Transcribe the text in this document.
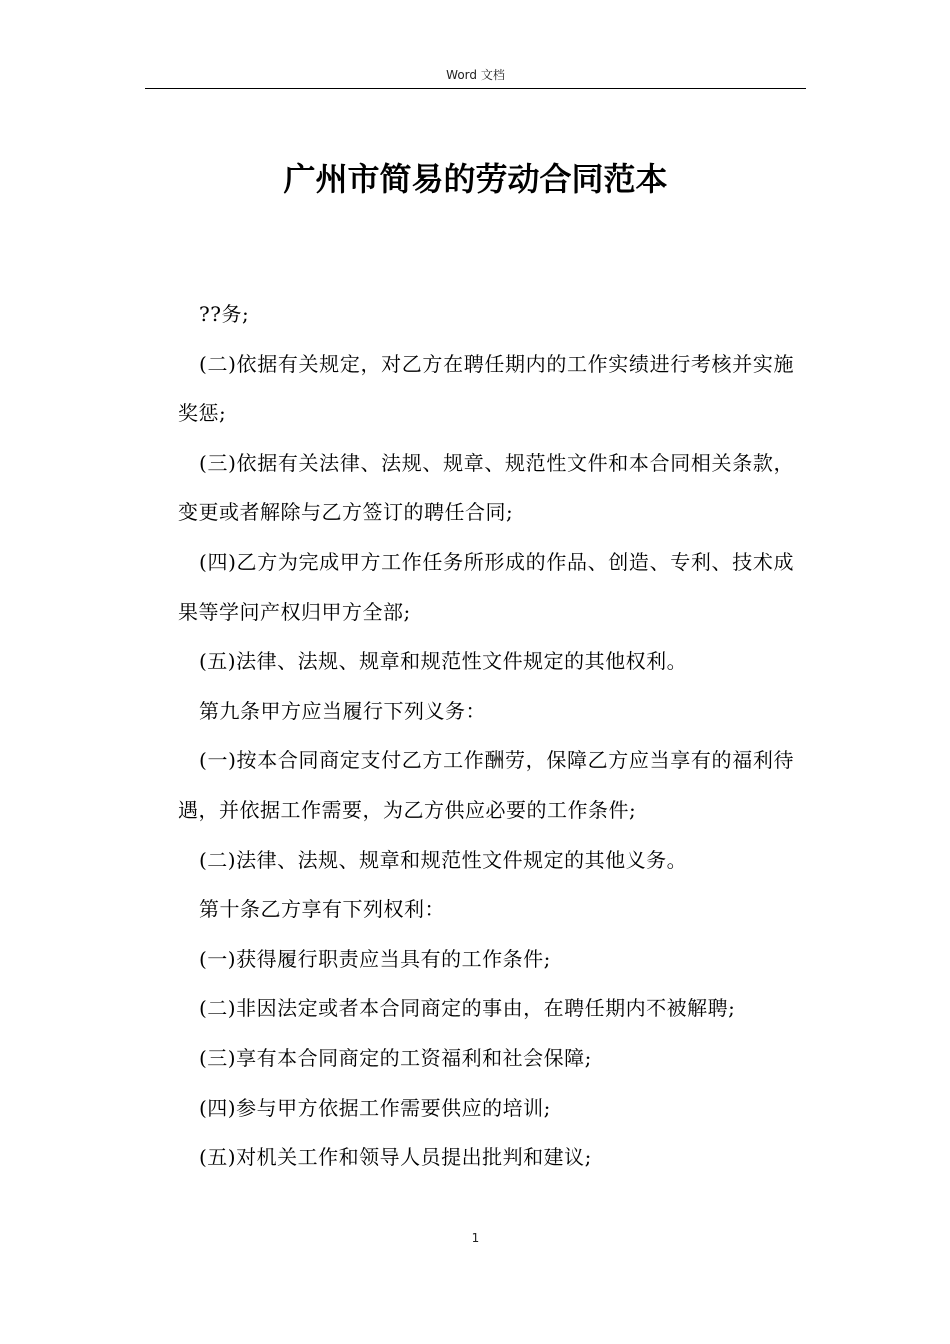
Word 文档
广州市简易的劳动合同范本

??务;

(二)依据有关规定，对乙方在聘任期内的工作实绩进行考核并实施奖惩;

(三)依据有关法律、法规、规章、规范性文件和本合同相关条款，变更或者解除与乙方签订的聘任合同;

(四)乙方为完成甲方工作任务所形成的作品、创造、专利、技术成果等学问产权归甲方全部;

(五)法律、法规、规章和规范性文件规定的其他权利。

第九条甲方应当履行下列义务：

(一)按本合同商定支付乙方工作酬劳，保障乙方应当享有的福利待遇，并依据工作需要，为乙方供应必要的工作条件;

(二)法律、法规、规章和规范性文件规定的其他义务。

第十条乙方享有下列权利：

(一)获得履行职责应当具有的工作条件;

(二)非因法定或者本合同商定的事由，在聘任期内不被解聘;

(三)享有本合同商定的工资福利和社会保障;

(四)参与甲方依据工作需要供应的培训;

(五)对机关工作和领导人员提出批判和建议;

1
